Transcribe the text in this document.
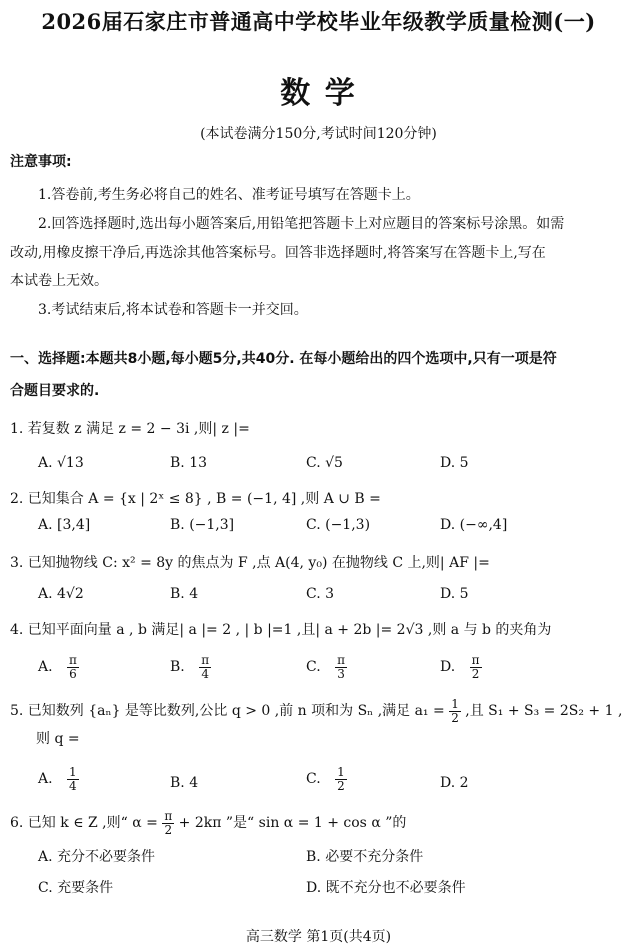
2026届石家庄市普通高中学校毕业年级教学质量检测(一)
数 学
(本试卷满分150分,考试时间120分钟)
注意事项:
1.答卷前,考生务必将自己的姓名、准考证号填写在答题卡上。
2.回答选择题时,选出每小题答案后,用铅笔把答题卡上对应题目的答案标号涂黑。如需
改动,用橡皮擦干净后,再选涂其他答案标号。回答非选择题时,将答案写在答题卡上,写在
本试卷上无效。
3.考试结束后,将本试卷和答题卡一并交回。
一、选择题:本题共8小题,每小题5分,共40分. 在每小题给出的四个选项中,只有一项是符
合题目要求的.
1. 若复数 z 满足 z = 2 − 3i ,则| z |=
A. √13	B. 13	C. √5	D. 5
2. 已知集合 A = {x | 2ˣ ≤ 8} , B = (−1, 4] ,则 A ∪ B =
A. [3,4]	B. (−1,3]	C. (−1,3)	D. (−∞,4]
3. 已知抛物线 C: x² = 8y 的焦点为 F ,点 A(4, y₀) 在抛物线 C 上,则| AF |=
A. 4√2	B. 4	C. 3	D. 5
4. 已知平面向量 a , b 满足| a |= 2 , | b |=1 ,且| a + 2b |= 2√3 ,则 a 与 b 的夹角为
A. $\frac{\pi}{6}$	B. $\frac{\pi}{4}$	C. $\frac{\pi}{3}$	D. $\frac{\pi}{2}$
5. 已知数列 {aₙ} 是等比数列,公比 q > 0 ,前 n 项和为 Sₙ ,满足 $a_1 = \frac{1}{2}$ ,且 S₁ + S₃ = 2S₂ + 1 ,
则 q =
A. $\frac{1}{4}$	B. 4	C. $\frac{1}{2}$	D. 2
6. 已知 k ∈ Z ,则“ $\alpha = \frac{\pi}{2} + 2k\pi$ ”是“ sin α = 1 + cos α ”的
A. 充分不必要条件	B. 必要不充分条件
C. 充要条件	D. 既不充分也不必要条件
高三数学 第1页(共4页)
